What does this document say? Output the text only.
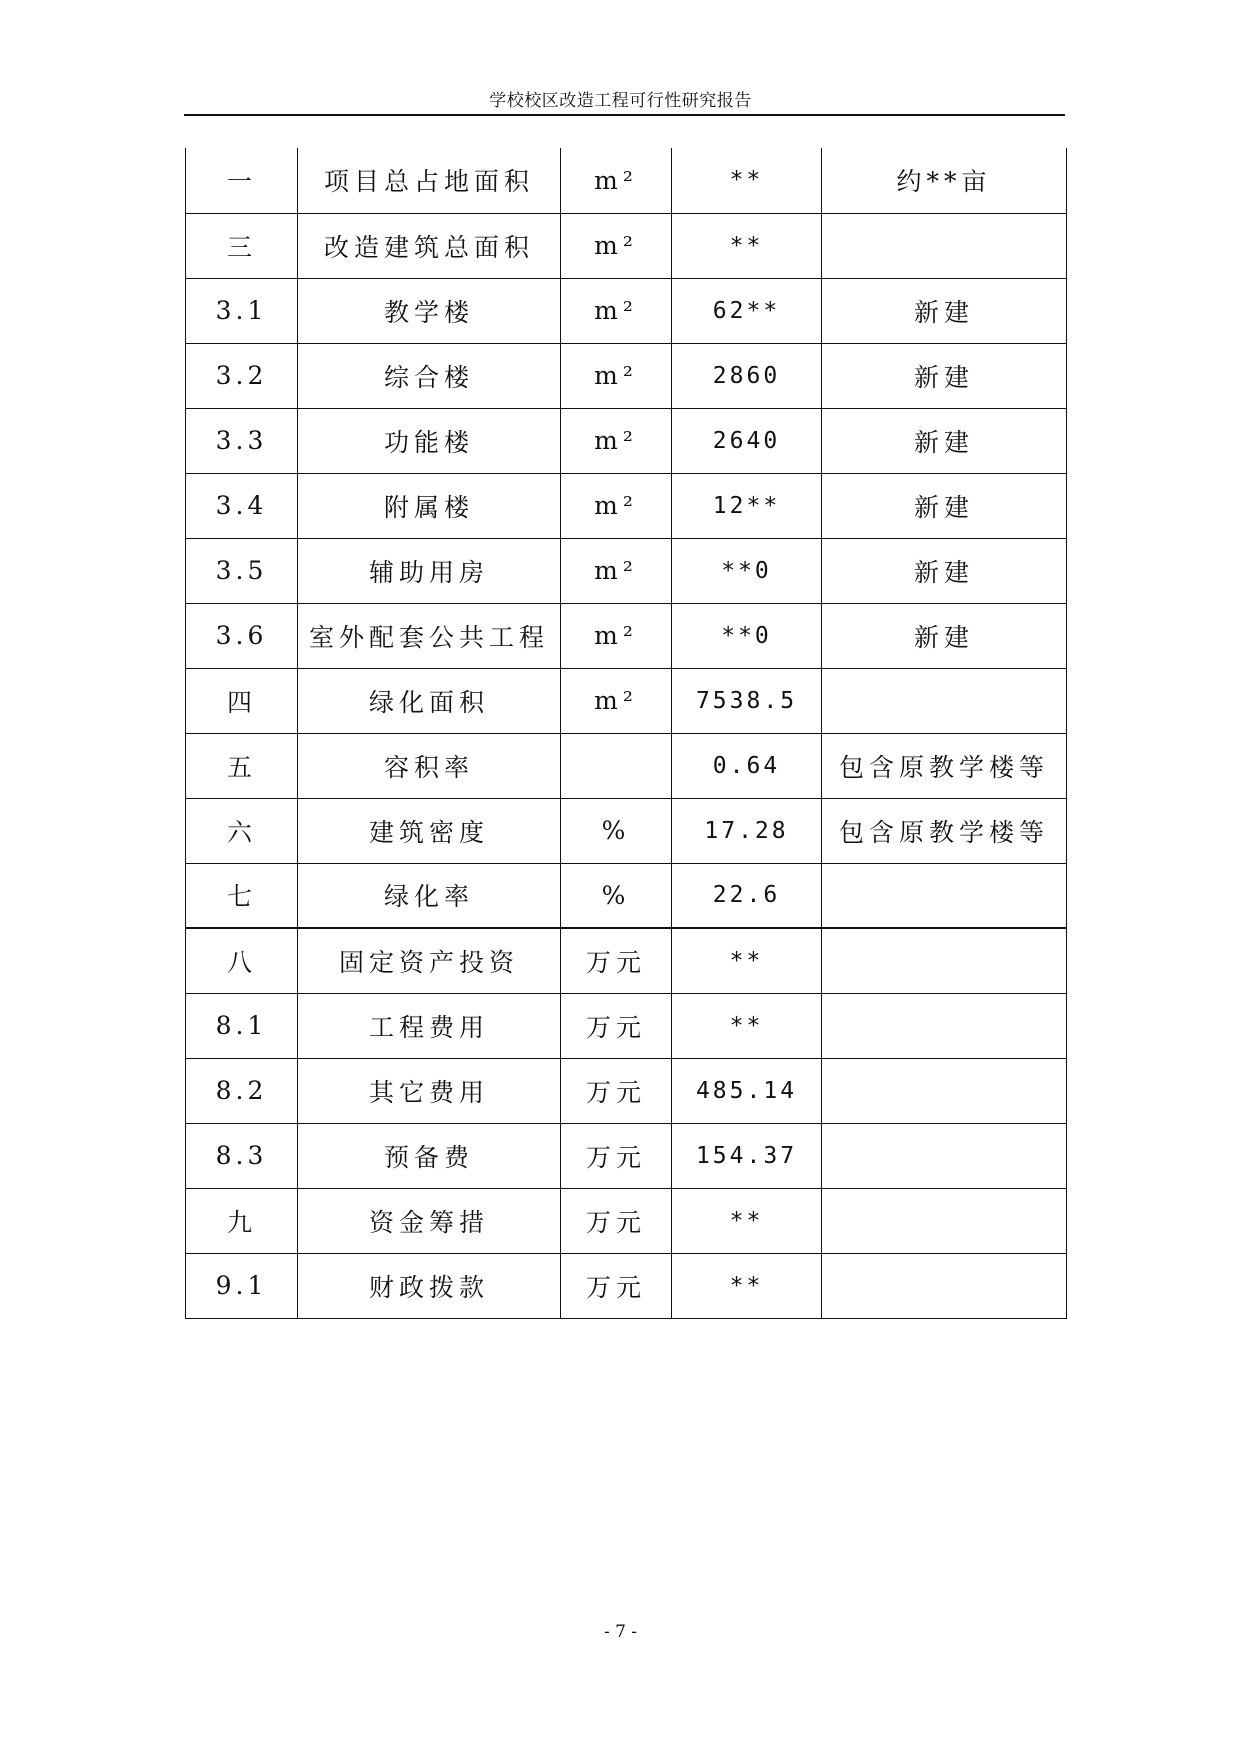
学校校区改造工程可行性研究报告
一	项目总占地面积	m²	**	约**亩
三	改造建筑总面积	m²	**	
3.1	教学楼	m²	62**	新建
3.2	综合楼	m²	2860	新建
3.3	功能楼	m²	2640	新建
3.4	附属楼	m²	12**	新建
3.5	辅助用房	m²	**0	新建
3.6	室外配套公共工程	m²	**0	新建
四	绿化面积	m²	7538.5	
五	容积率		0.64	包含原教学楼等
六	建筑密度	%	17.28	包含原教学楼等
七	绿化率	%	22.6	
八	固定资产投资	万元	**	
8.1	工程费用	万元	**	
8.2	其它费用	万元	485.14	
8.3	预备费	万元	154.37	
九	资金筹措	万元	**	
9.1	财政拨款	万元	**	
- 7 -
